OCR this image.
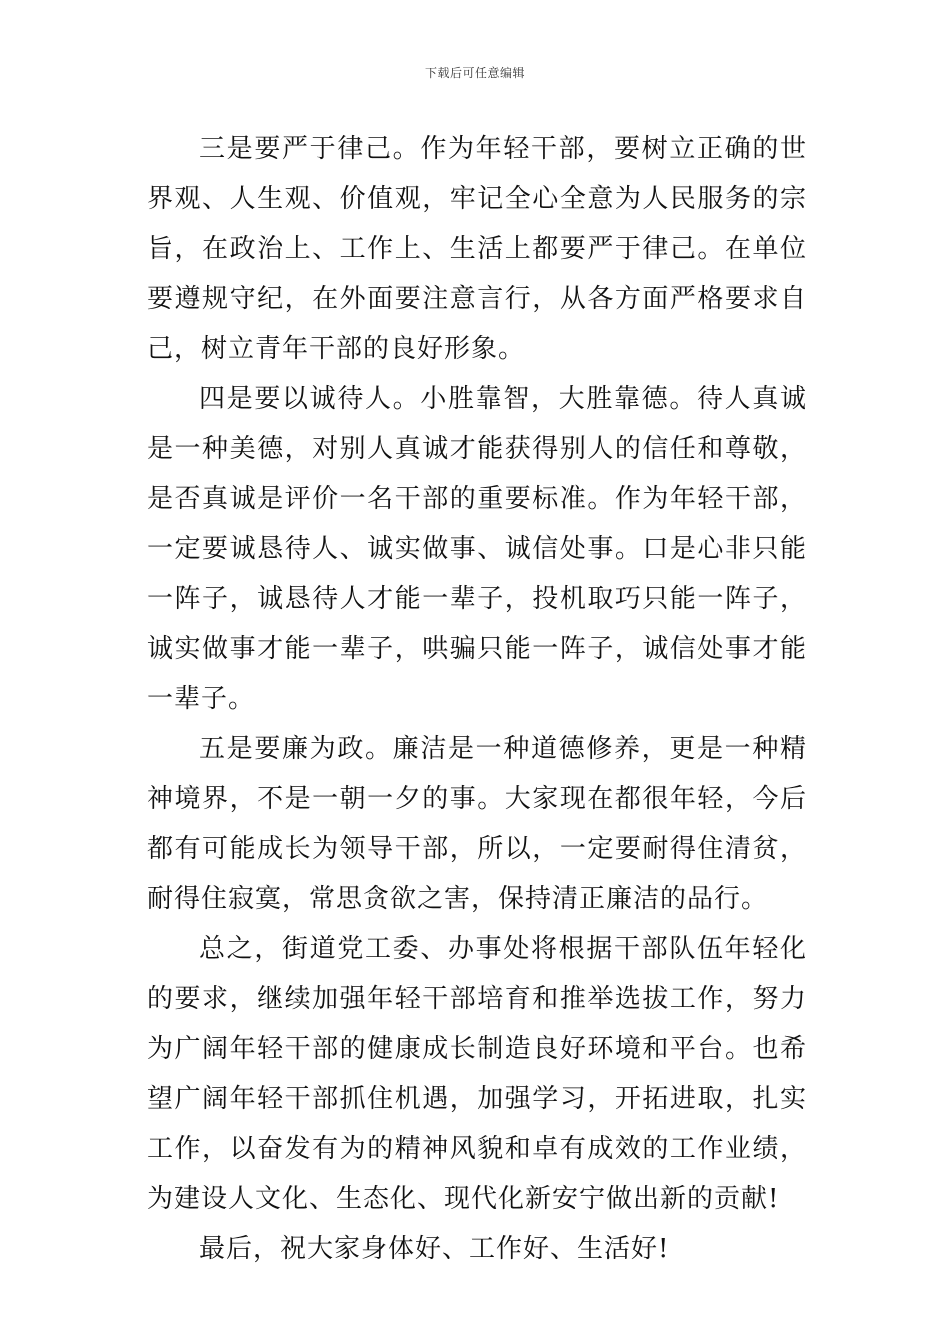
下载后可任意编辑

三是要严于律己。作为年轻干部，要树立正确的世界观、人生观、价值观，牢记全心全意为人民服务的宗旨，在政治上、工作上、生活上都要严于律己。在单位要遵规守纪，在外面要注意言行，从各方面严格要求自己，树立青年干部的良好形象。

四是要以诚待人。小胜靠智，大胜靠德。待人真诚是一种美德，对别人真诚才能获得别人的信任和尊敬，是否真诚是评价一名干部的重要标准。作为年轻干部，一定要诚恳待人、诚实做事、诚信处事。口是心非只能一阵子，诚恳待人才能一辈子，投机取巧只能一阵子，诚实做事才能一辈子，哄骗只能一阵子，诚信处事才能一辈子。

五是要廉为政。廉洁是一种道德修养，更是一种精神境界，不是一朝一夕的事。大家现在都很年轻，今后都有可能成长为领导干部，所以，一定要耐得住清贫，耐得住寂寞，常思贪欲之害，保持清正廉洁的品行。

总之，街道党工委、办事处将根据干部队伍年轻化的要求，继续加强年轻干部培育和推举选拔工作，努力为广阔年轻干部的健康成长制造良好环境和平台。也希望广阔年轻干部抓住机遇，加强学习，开拓进取，扎实工作，以奋发有为的精神风貌和卓有成效的工作业绩，为建设人文化、生态化、现代化新安宁做出新的贡献!

最后，祝大家身体好、工作好、生活好!
